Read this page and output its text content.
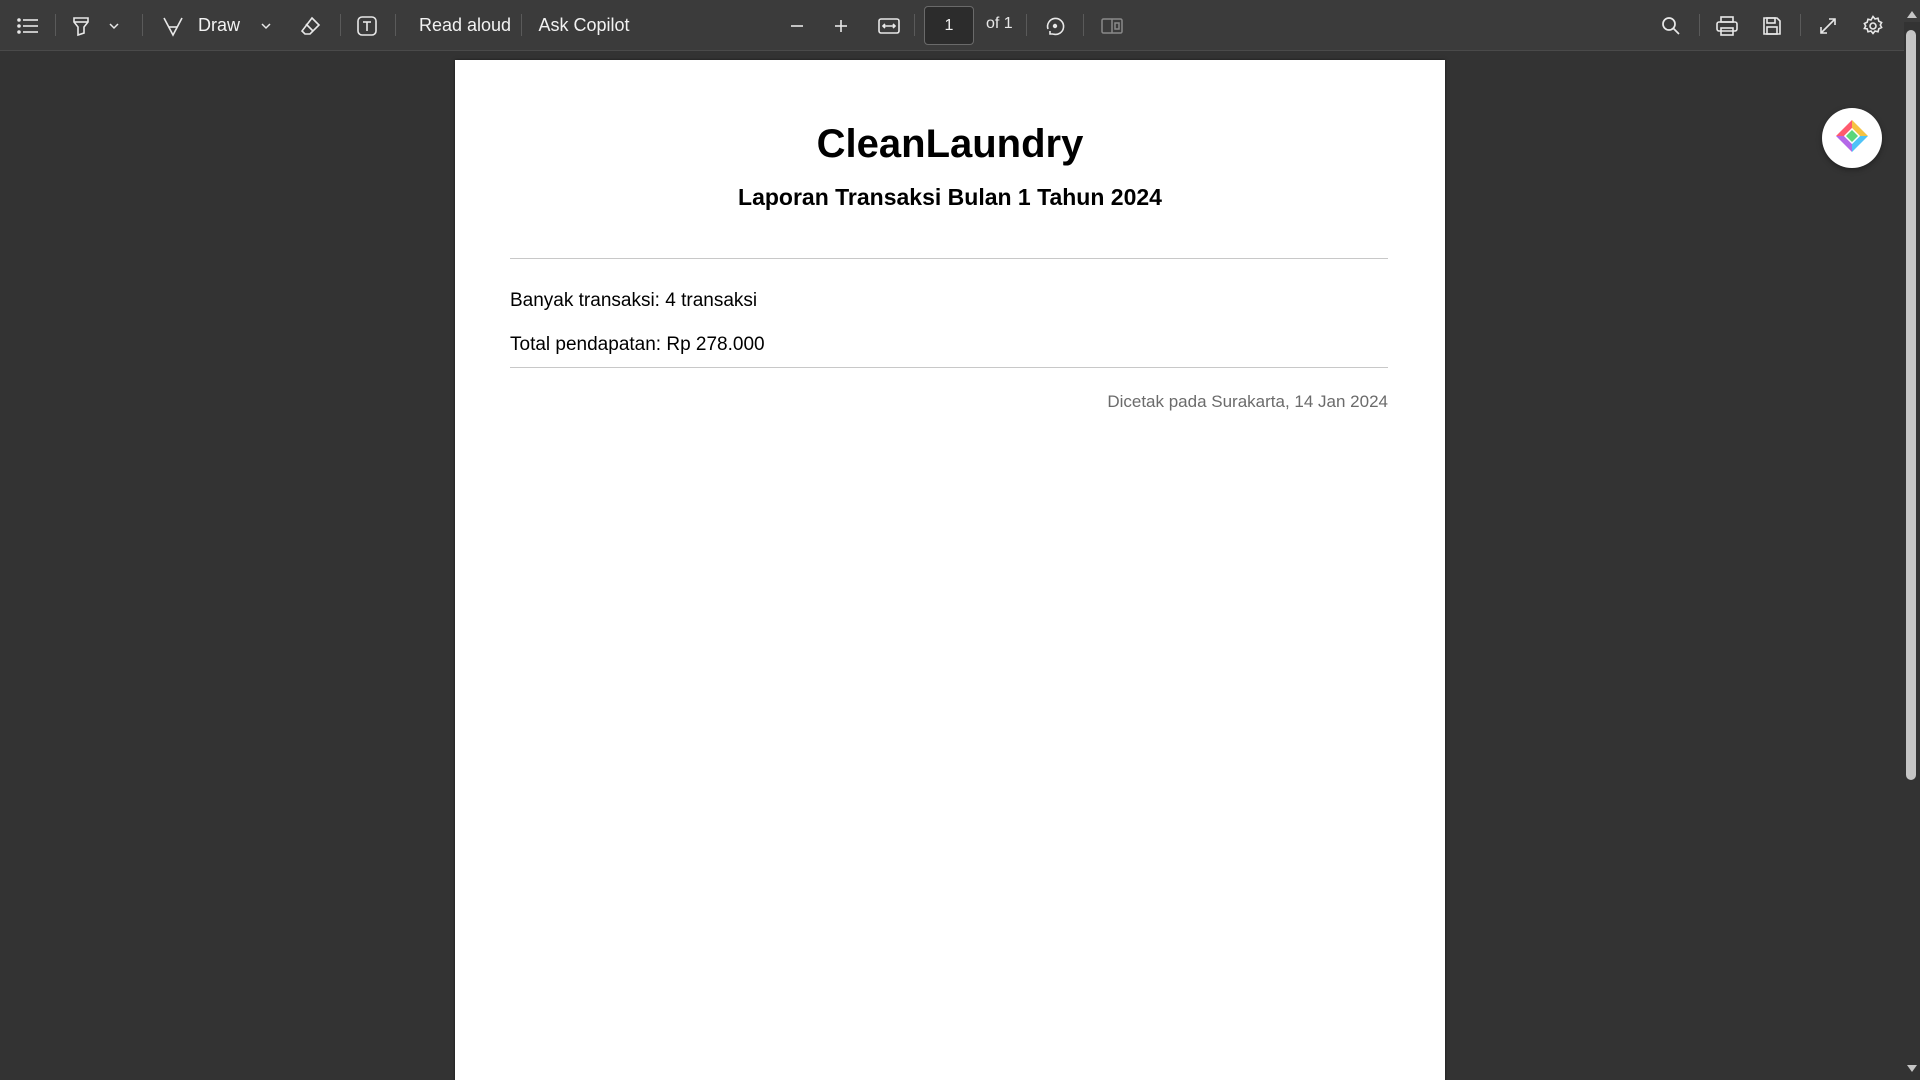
Draw	Read aloud Ask Copilot
1	of 1
CleanLaundry
Laporan Transaksi Bulan 1 Tahun 2024
Banyak transaksi: 4 transaksi
Total pendapatan: Rp 278.000
Dicetak pada Surakarta, 14 Jan 2024
